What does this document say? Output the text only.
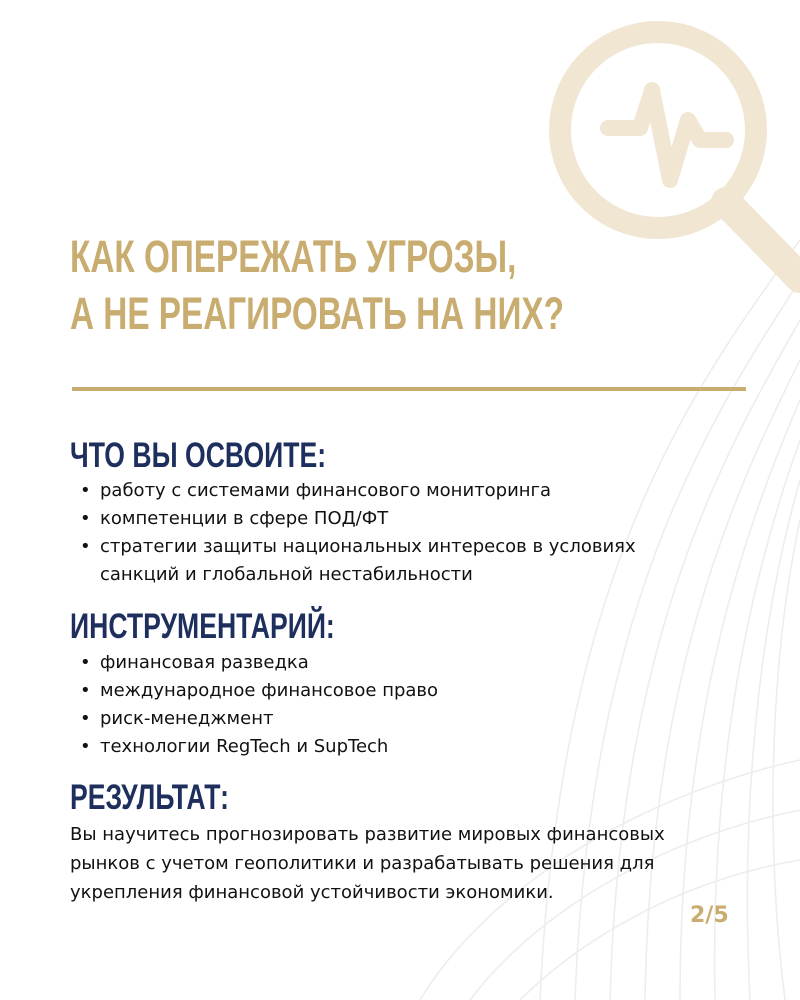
КАК ОПЕРЕЖАТЬ УГРОЗЫ,
А НЕ РЕАГИРОВАТЬ НА НИХ?
ЧТО ВЫ ОСВОИТЕ:
• работу с системами финансового мониторинга
• компетенции в сфере ПОД/ФТ
• стратегии защиты национальных интересов в условиях санкций и глобальной нестабильности
ИНСТРУМЕНТАРИЙ:
• финансовая разведка
• международное финансовое право
• риск-менеджмент
• технологии RegTech и SupTech
РЕЗУЛЬТАТ:

Вы научитесь прогнозировать развитие мировых финансовых рынков с учетом геополитики и разрабатывать решения для укрепления финансовой устойчивости экономики.

2/5
